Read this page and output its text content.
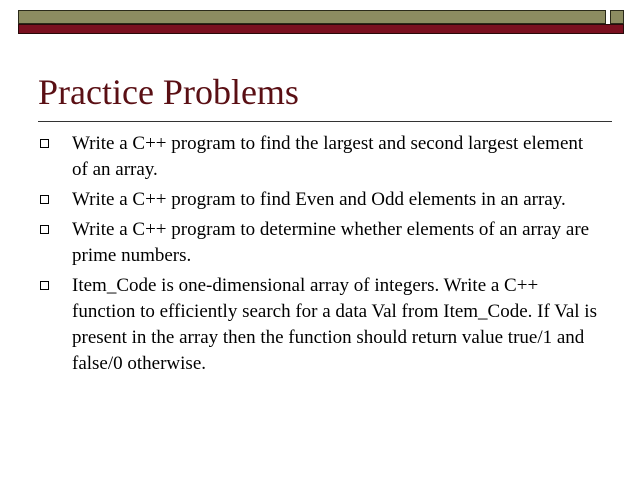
Practice Problems
Write a C++ program to find the largest and second largest element of an array.
Write a C++ program to find Even and Odd elements in an array.
Write a C++ program to determine whether elements of an array are prime numbers.
Item_Code is one-dimensional array of integers. Write a C++ function to efficiently search for a data Val from Item_Code. If Val is present in the array then the function should return value true/1 and false/0 otherwise.
